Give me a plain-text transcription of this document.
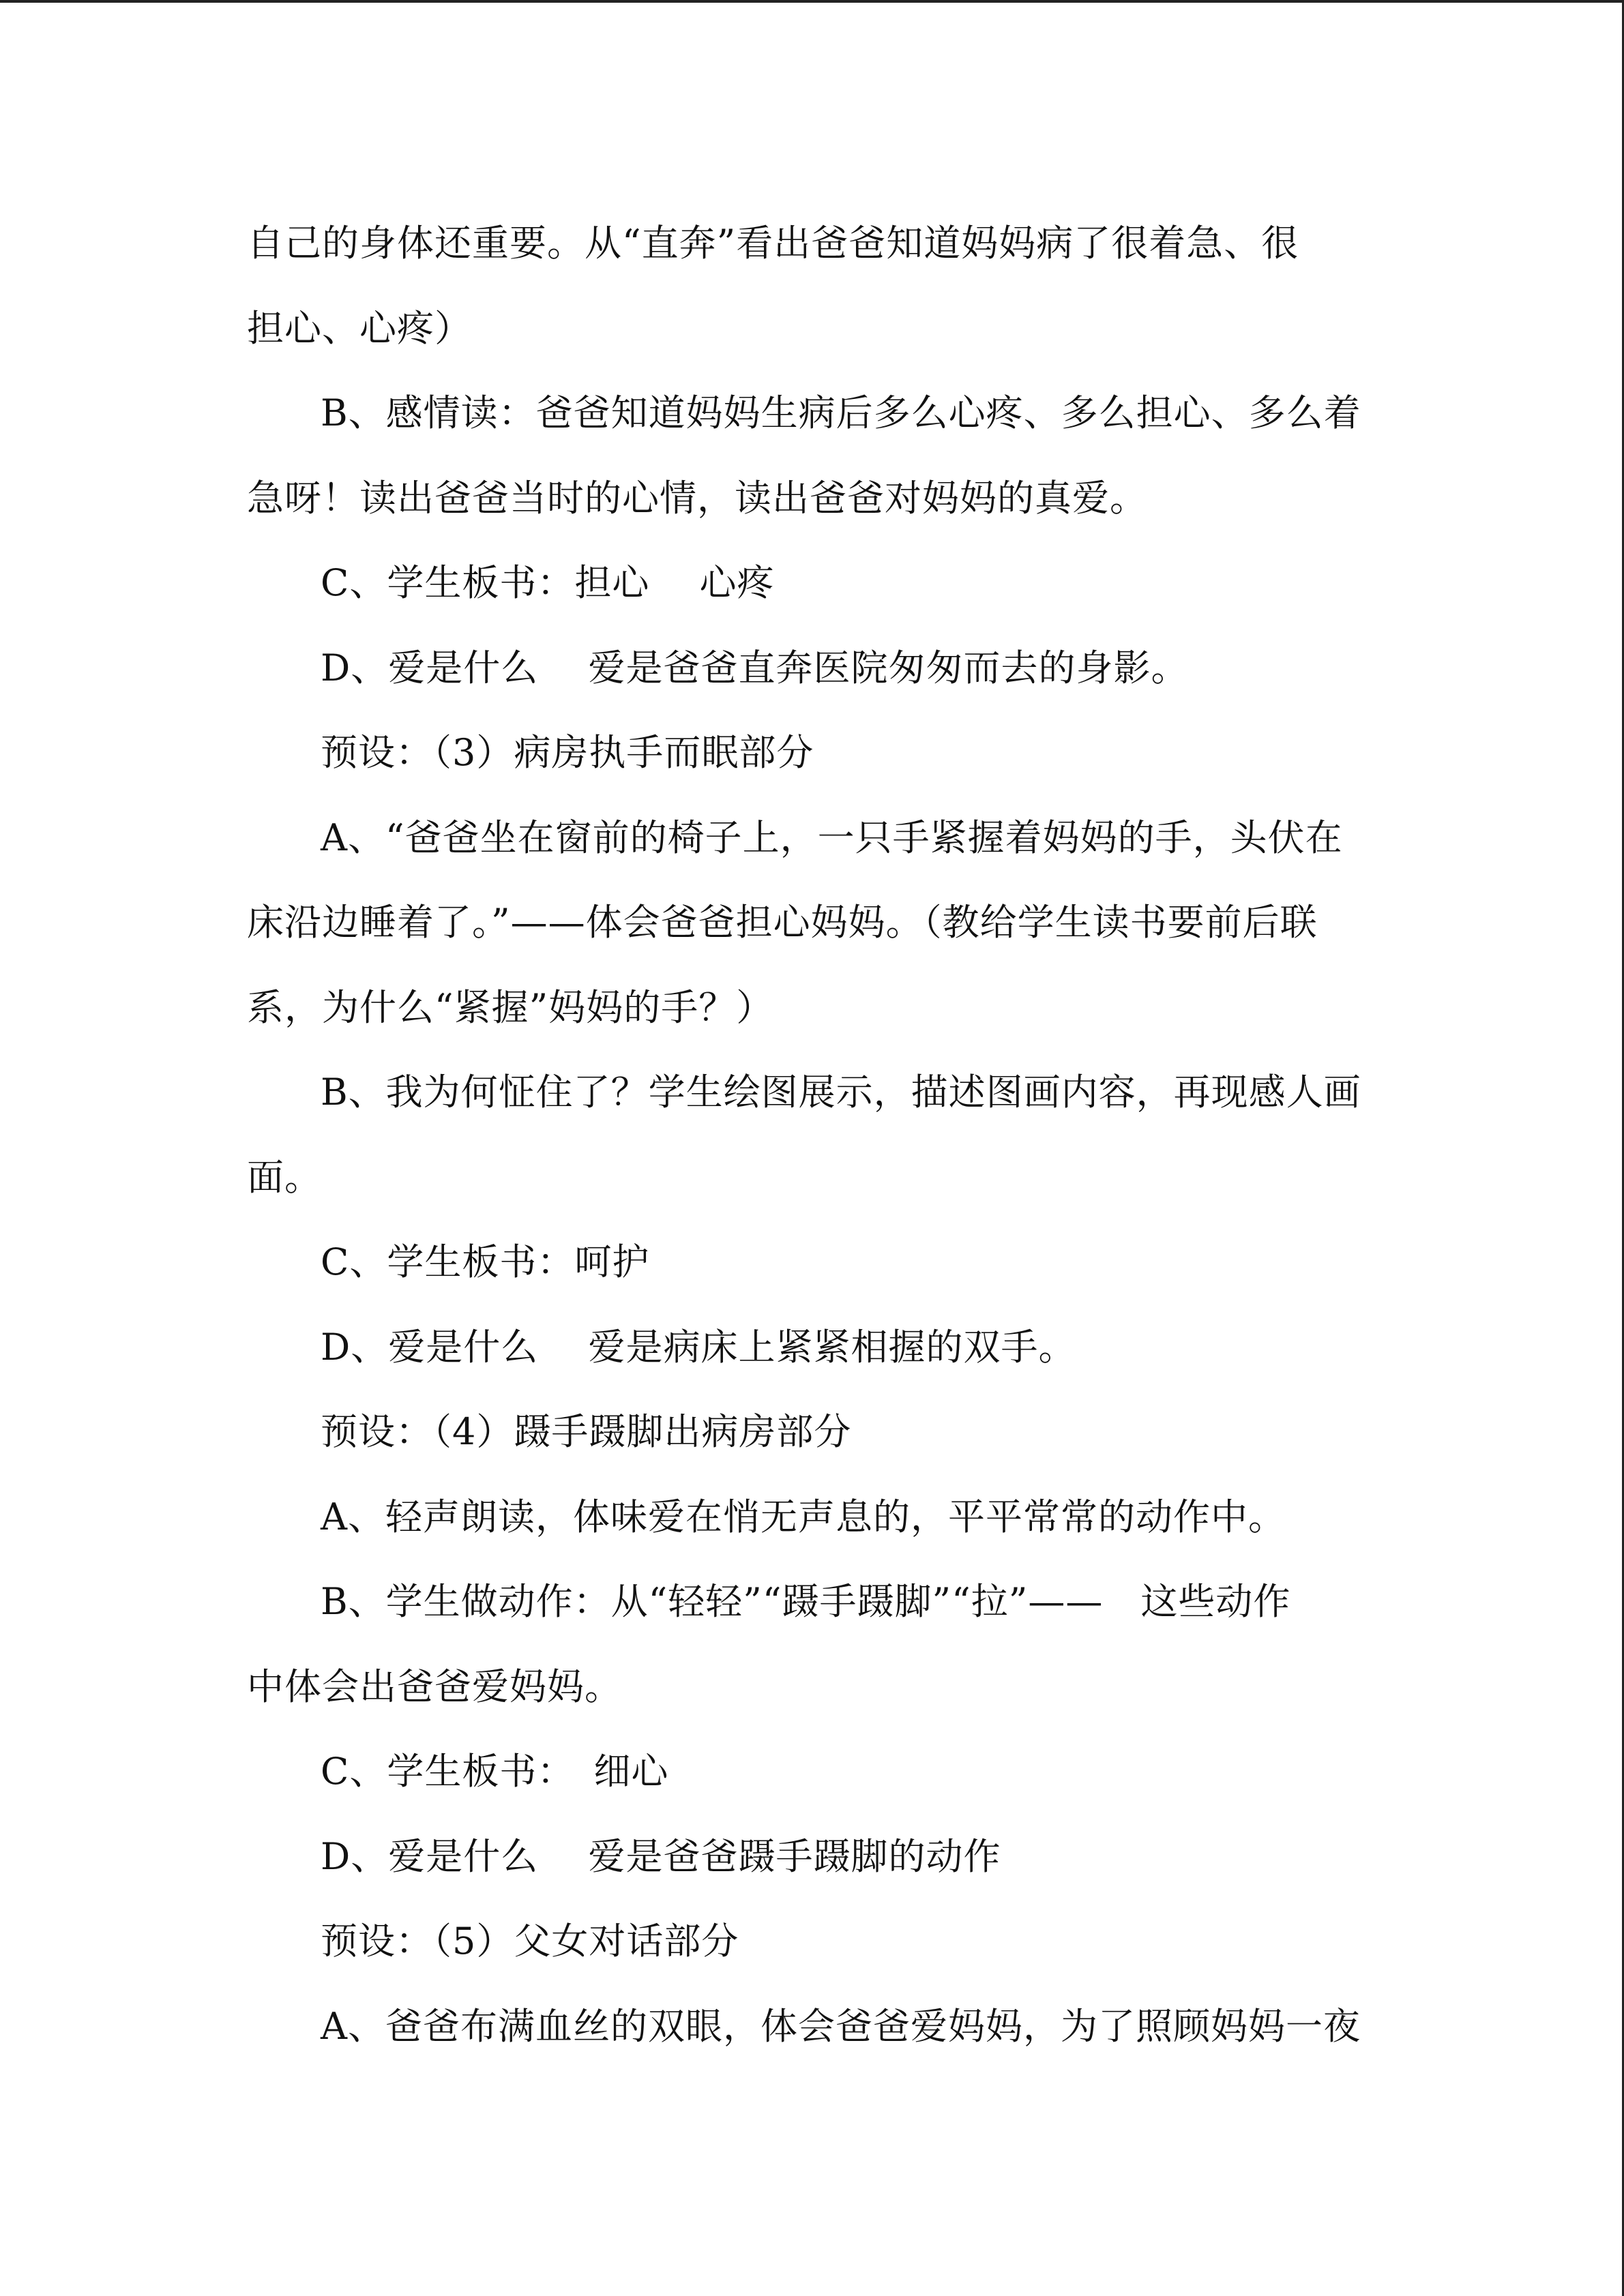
自己的身体还重要。从“直奔”看出爸爸知道妈妈病了很着急、很
担心、心疼）
B、感情读：爸爸知道妈妈生病后多么心疼、多么担心、多么着
急呀！读出爸爸当时的心情，读出爸爸对妈妈的真爱。
C、学生板书：担心　 心疼
D、爱是什么　 爱是爸爸直奔医院匆匆而去的身影。
预设：（3）病房执手而眠部分
A、“爸爸坐在窗前的椅子上，一只手紧握着妈妈的手，头伏在
床沿边睡着了。”——体会爸爸担心妈妈。（教给学生读书要前后联
系，为什么“紧握”妈妈的手？）
B、我为何怔住了？学生绘图展示，描述图画内容，再现感人画
面。
C、学生板书：呵护
D、爱是什么　 爱是病床上紧紧相握的双手。
预设：（4）蹑手蹑脚出病房部分
A、轻声朗读，体味爱在悄无声息的，平平常常的动作中。
B、学生做动作：从“轻轻”“蹑手蹑脚”“拉”——　这些动作
中体会出爸爸爱妈妈。
C、学生板书：　细心
D、爱是什么　 爱是爸爸蹑手蹑脚的动作
预设：（5）父女对话部分
A、爸爸布满血丝的双眼，体会爸爸爱妈妈，为了照顾妈妈一夜
